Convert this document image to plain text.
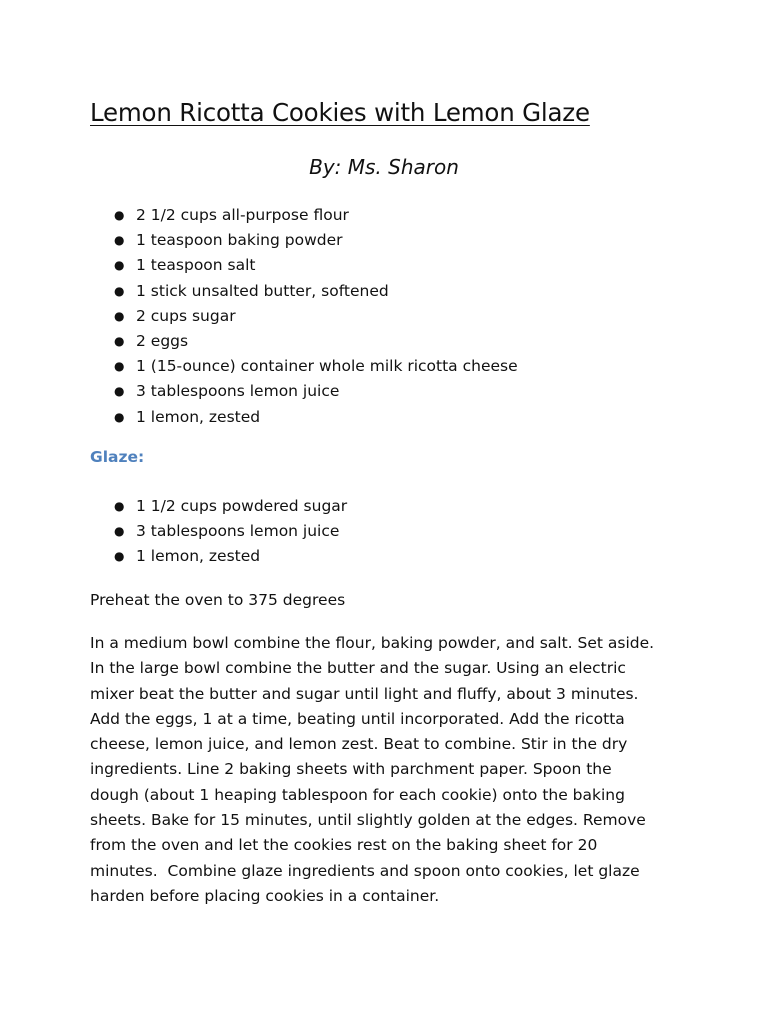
Lemon Ricotta Cookies with Lemon Glaze
By: Ms. Sharon
● 2 1/2 cups all-purpose flour
● 1 teaspoon baking powder
● 1 teaspoon salt
● 1 stick unsalted butter, softened
● 2 cups sugar
● 2 eggs
● 1 (15-ounce) container whole milk ricotta cheese
● 3 tablespoons lemon juice
● 1 lemon, zested
Glaze:
● 1 1/2 cups powdered sugar
● 3 tablespoons lemon juice
● 1 lemon, zested

Preheat the oven to 375 degrees

In a medium bowl combine the flour, baking powder, and salt. Set aside.
In the large bowl combine the butter and the sugar. Using an electric
mixer beat the butter and sugar until light and fluffy, about 3 minutes.
Add the eggs, 1 at a time, beating until incorporated. Add the ricotta
cheese, lemon juice, and lemon zest. Beat to combine. Stir in the dry
ingredients. Line 2 baking sheets with parchment paper. Spoon the
dough (about 1 heaping tablespoon for each cookie) onto the baking
sheets. Bake for 15 minutes, until slightly golden at the edges. Remove
from the oven and let the cookies rest on the baking sheet for 20
minutes.  Combine glaze ingredients and spoon onto cookies, let glaze
harden before placing cookies in a container.
